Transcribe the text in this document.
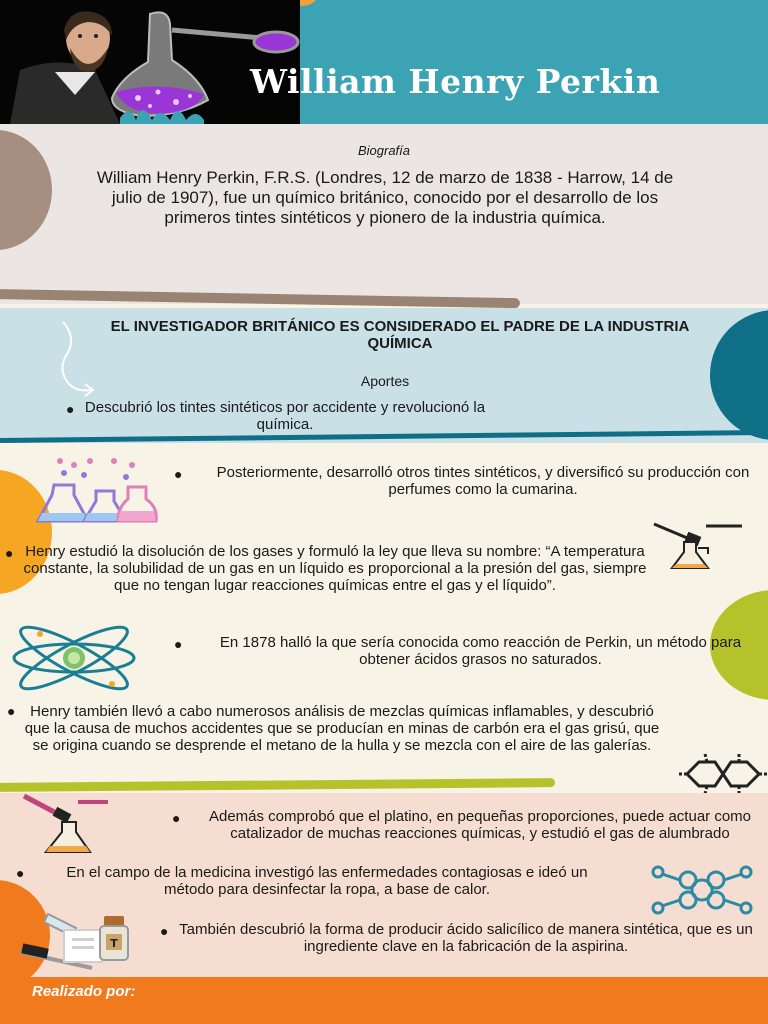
William Henry Perkin
Biografía
William Henry Perkin, F.R.S. (Londres, 12 de marzo de 1838 - Harrow, 14 de julio de 1907), fue un químico británico, conocido por el desarrollo de los primeros tintes sintéticos y pionero de la industria química.
EL INVESTIGADOR BRITÁNICO ES CONSIDERADO EL PADRE DE LA INDUSTRIA QUÍMICA
Aportes
● Descubrió los tintes sintéticos por accidente y revolucionó la química.
● Posteriormente, desarrolló otros tintes sintéticos, y diversificó su producción con perfumes como la cumarina.
● Henry estudió la disolución de los gases y formuló la ley que lleva su nombre: “A temperatura constante, la solubilidad de un gas en un líquido es proporcional a la presión del gas, siempre que no tengan lugar reacciones químicas entre el gas y el líquido”.
●	En 1878 halló la que sería conocida como reacción de Perkin, un método para obtener ácidos grasos no saturados.
● Henry también llevó a cabo numerosos análisis de mezclas químicas inflamables, y descubrió que la causa de muchos accidentes que se producían en minas de carbón era el gas grisú, que se origina cuando se desprende el metano de la hulla y se mezcla con el aire de las galerías.
●	Además comprobó que el platino, en pequeñas proporciones, puede actuar como catalizador de muchas reacciones químicas, y estudió el gas de alumbrado
●	En el campo de la medicina investigó las enfermedades contagiosas e ideó un método para desinfectar la ropa, a base de calor.
T
● También descubrió la forma de producir ácido salicílico de manera sintética, que es un ingrediente clave en la fabricación de la aspirina.
Realizado por:
